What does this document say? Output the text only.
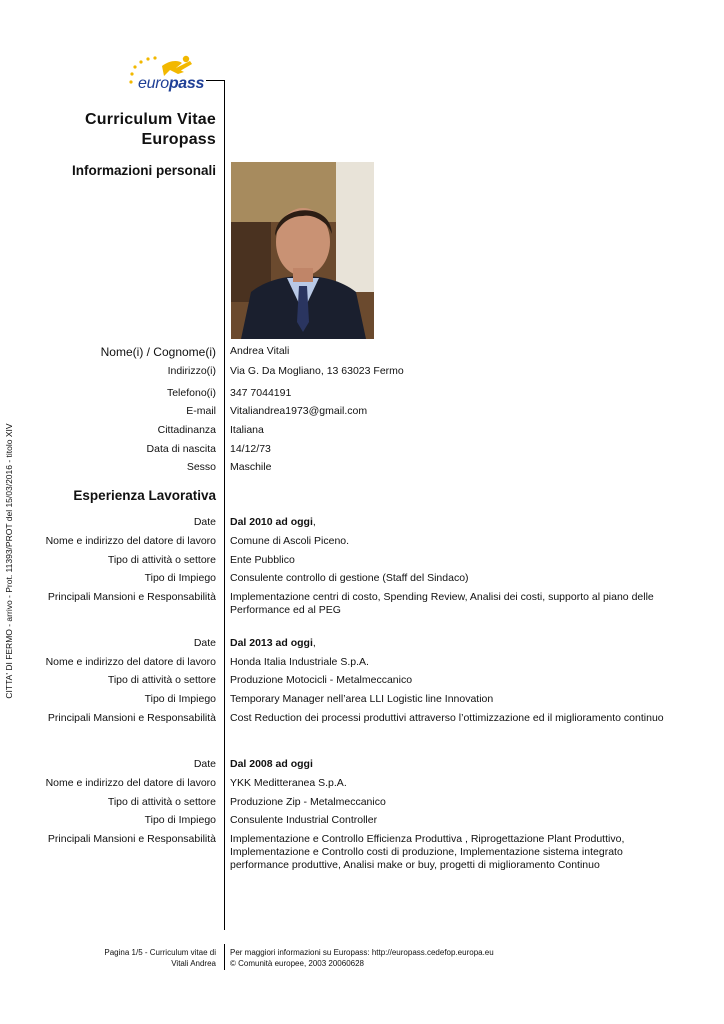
CITTA' DI FERMO - arrivo - Prot. 11393/PROT del 15/03/2016 - titolo XIV
europass
Curriculum Vitae
Europass
Informazioni personali
Nome(i) / Cognome(i) Andrea Vitali
Indirizzo(i) Via G. Da Mogliano, 13 63023 Fermo
Telefono(i) 347 7044191
E-mail Vitaliandrea1973@gmail.com
Cittadinanza Italiana
Data di nascita 14/12/73
Sesso Maschile
Esperienza Lavorativa
Date Dal 2010 ad oggi,
Nome e indirizzo del datore di lavoro Comune di Ascoli Piceno.
Tipo di attività o settore Ente Pubblico
Tipo di Impiego Consulente controllo di gestione (Staff del Sindaco)
Principali Mansioni e Responsabilità Implementazione centri di costo, Spending Review, Analisi dei costi, supporto al piano delle Performance ed al PEG
Date Dal 2013 ad oggi,
Nome e indirizzo del datore di lavoro Honda Italia Industriale S.p.A.
Tipo di attività o settore Produzione Motocicli - Metalmeccanico
Tipo di Impiego Temporary Manager nell’area LLI Logistic line Innovation
Principali Mansioni e Responsabilità Cost Reduction dei processi produttivi attraverso l’ottimizzazione ed il miglioramento continuo
Date Dal 2008 ad oggi
Nome e indirizzo del datore di lavoro YKK Meditteranea S.p.A.
Tipo di attività o settore Produzione Zip - Metalmeccanico
Tipo di Impiego Consulente Industrial Controller
Principali Mansioni e Responsabilità Implementazione e Controllo Efficienza Produttiva , Riprogettazione Plant Produttivo, Implementazione e Controllo costi di produzione, Implementazione sistema integrato performance produttive, Analisi make or buy, progetti di miglioramento Continuo
Pagina 1/5 - Curriculum vitae di
Vitali Andrea
Per maggiori informazioni su Europass: http://europass.cedefop.europa.eu
© Comunità europee, 2003 20060628
